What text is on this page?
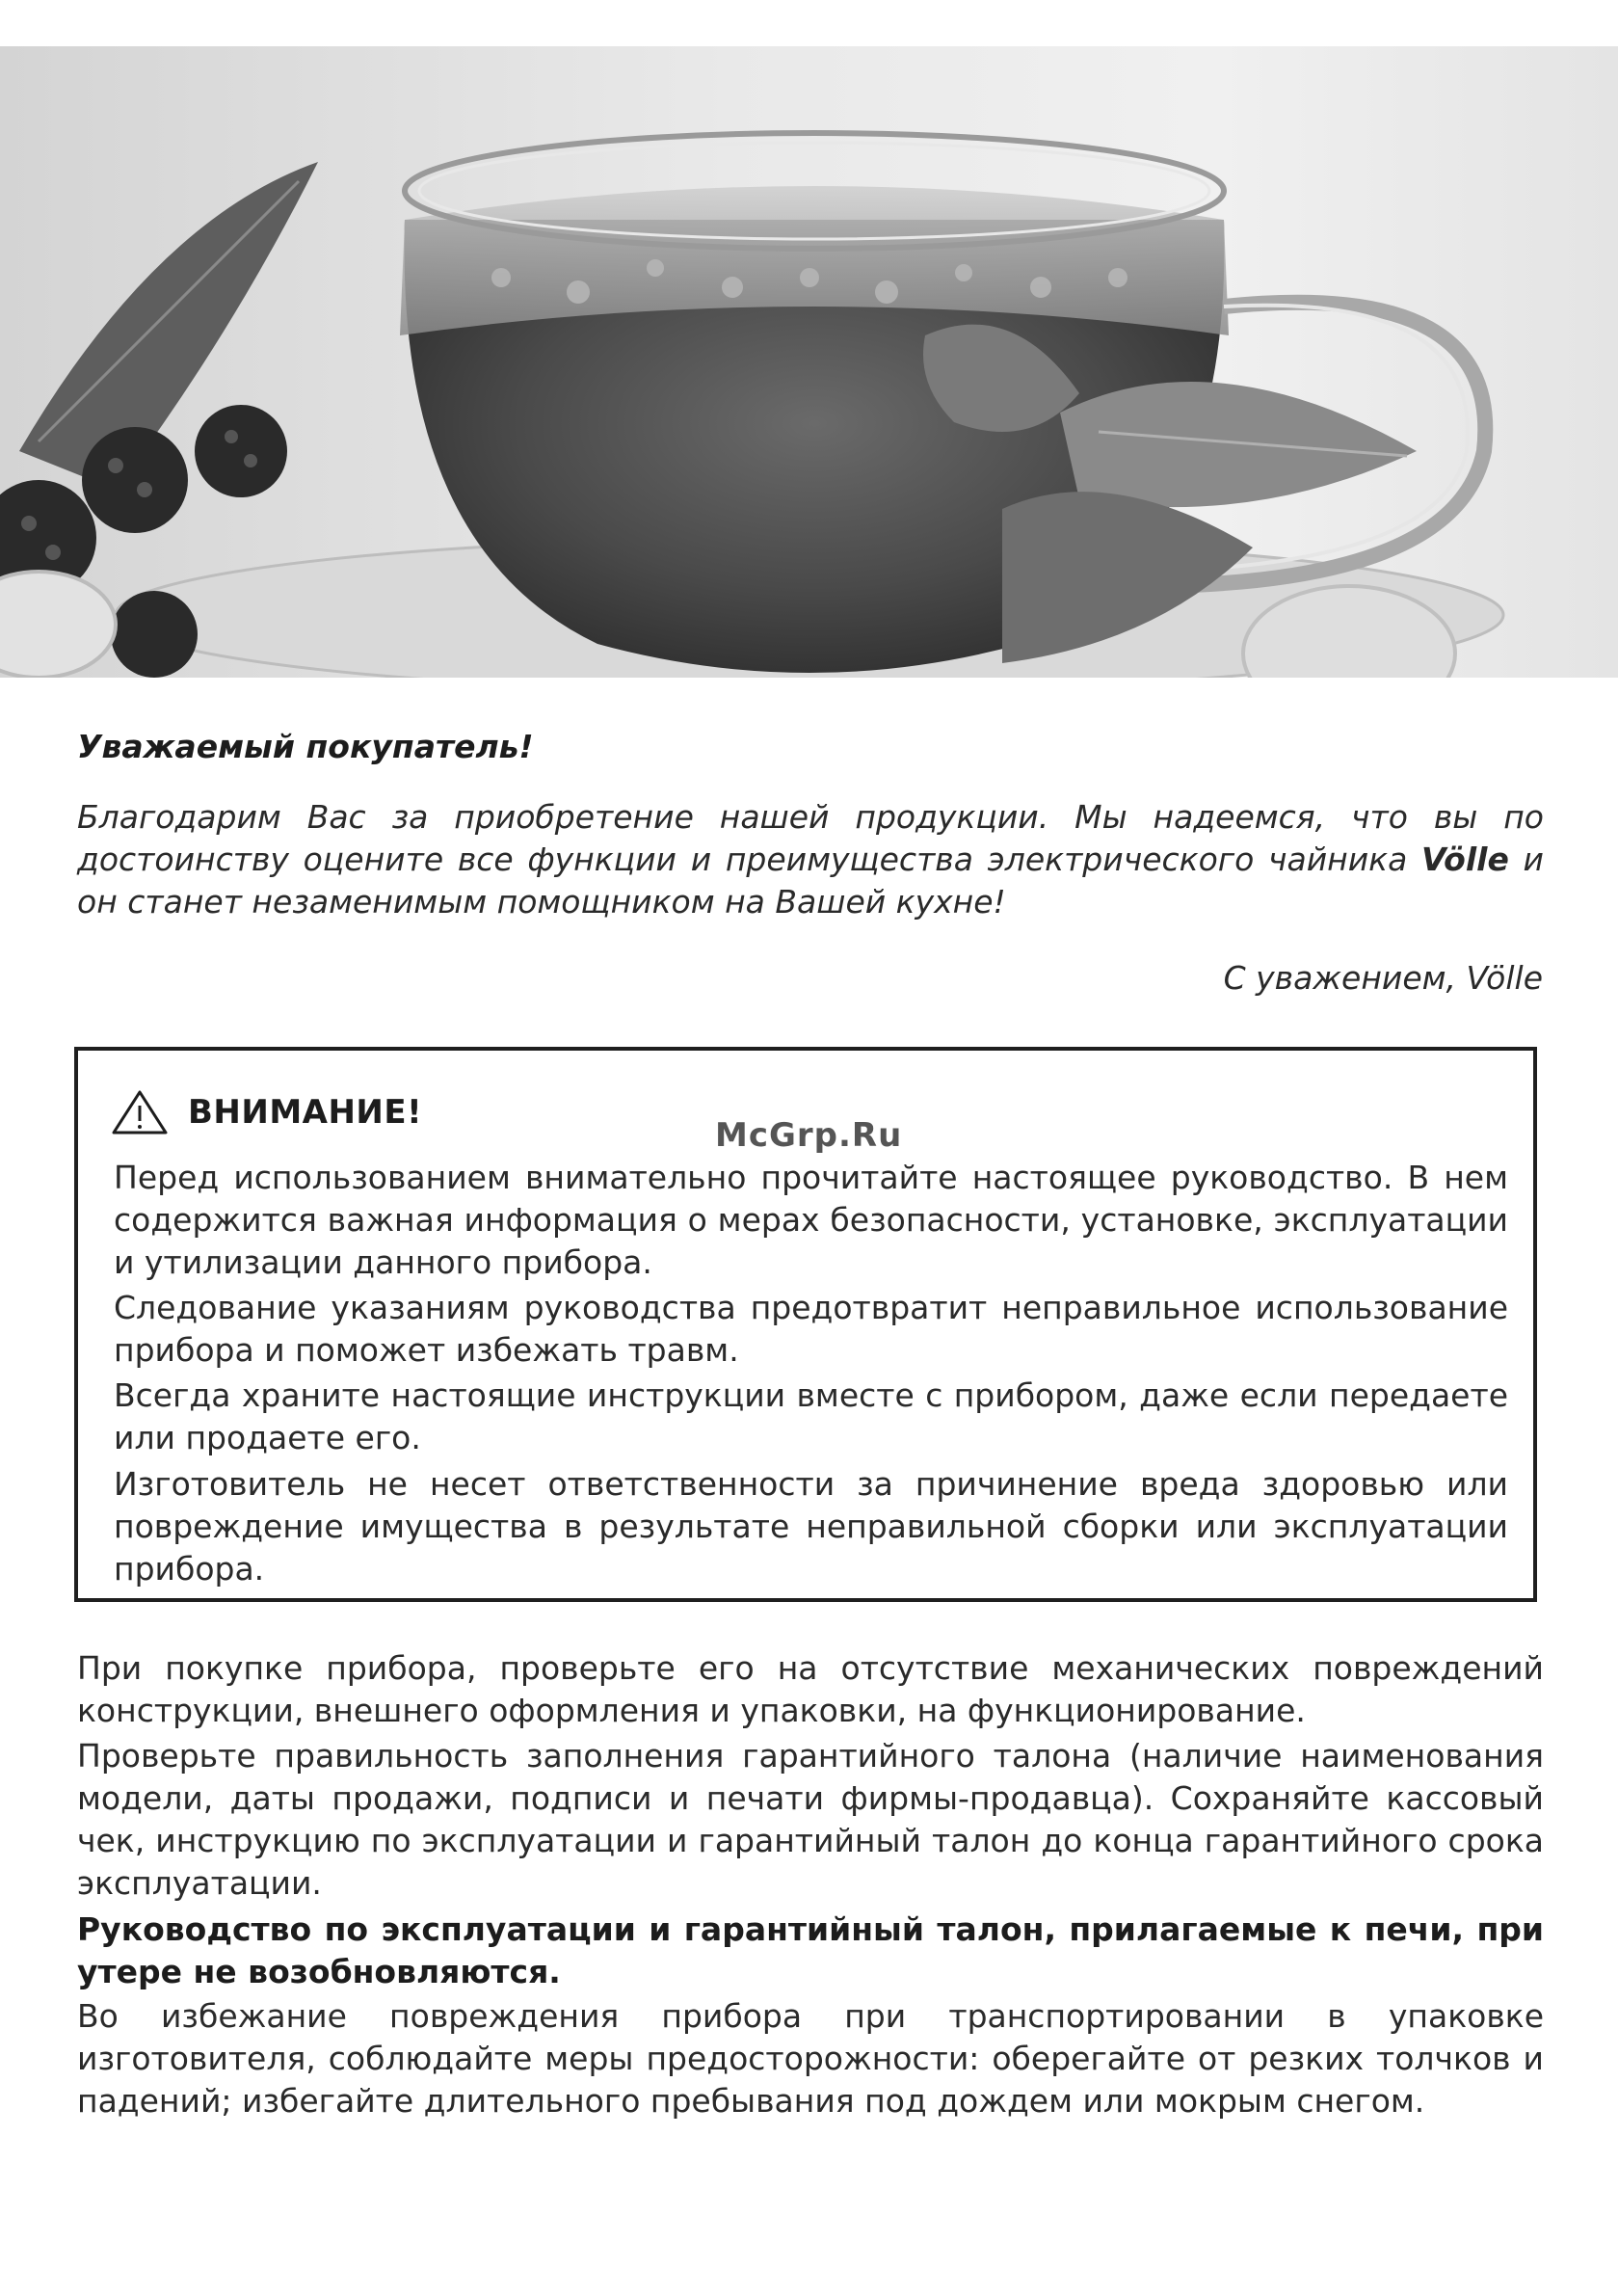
Уважаемый покупатель!

Благодарим Вас за приобретение нашей продукции. Мы надеемся, что вы по достоинству оцените все функции и преимущества электрического чайника Völle и он станет незаменимым помощником на Вашей кухне!

С уважением, Völle

ВНИМАНИЕ!
McGrp.Ru

Перед использованием внимательно прочитайте настоящее руководство. В нем содержится важная информация о мерах безопасности, установке, эксплуатации и утилизации данного прибора.

Следование указаниям руководства предотвратит неправильное использование прибора и поможет избежать травм.

Всегда храните настоящие инструкции вместе с прибором, даже если передаете или продаете его.

Изготовитель не несет ответственности за причинение вреда здоровью или повреждение имущества в результате неправильной сборки или эксплуатации прибора.

При покупке прибора, проверьте его на отсутствие механических повреждений конструкции, внешнего оформления и упаковки, на функционирование.

Проверьте правильность заполнения гарантийного талона (наличие наименования модели, даты продажи, подписи и печати фирмы-продавца). Сохраняйте кассовый чек, инструкцию по эксплуатации и гарантийный талон до конца гарантийного срока эксплуатации.

Руководство по эксплуатации и гарантийный талон, прилагаемые к печи, при утере не возобновляются.

Во избежание повреждения прибора при транспортировании в упаковке изготовителя, соблюдайте меры предосторожности: оберегайте от резких толчков и падений; избегайте длительного пребывания под дождем или мокрым снегом.
